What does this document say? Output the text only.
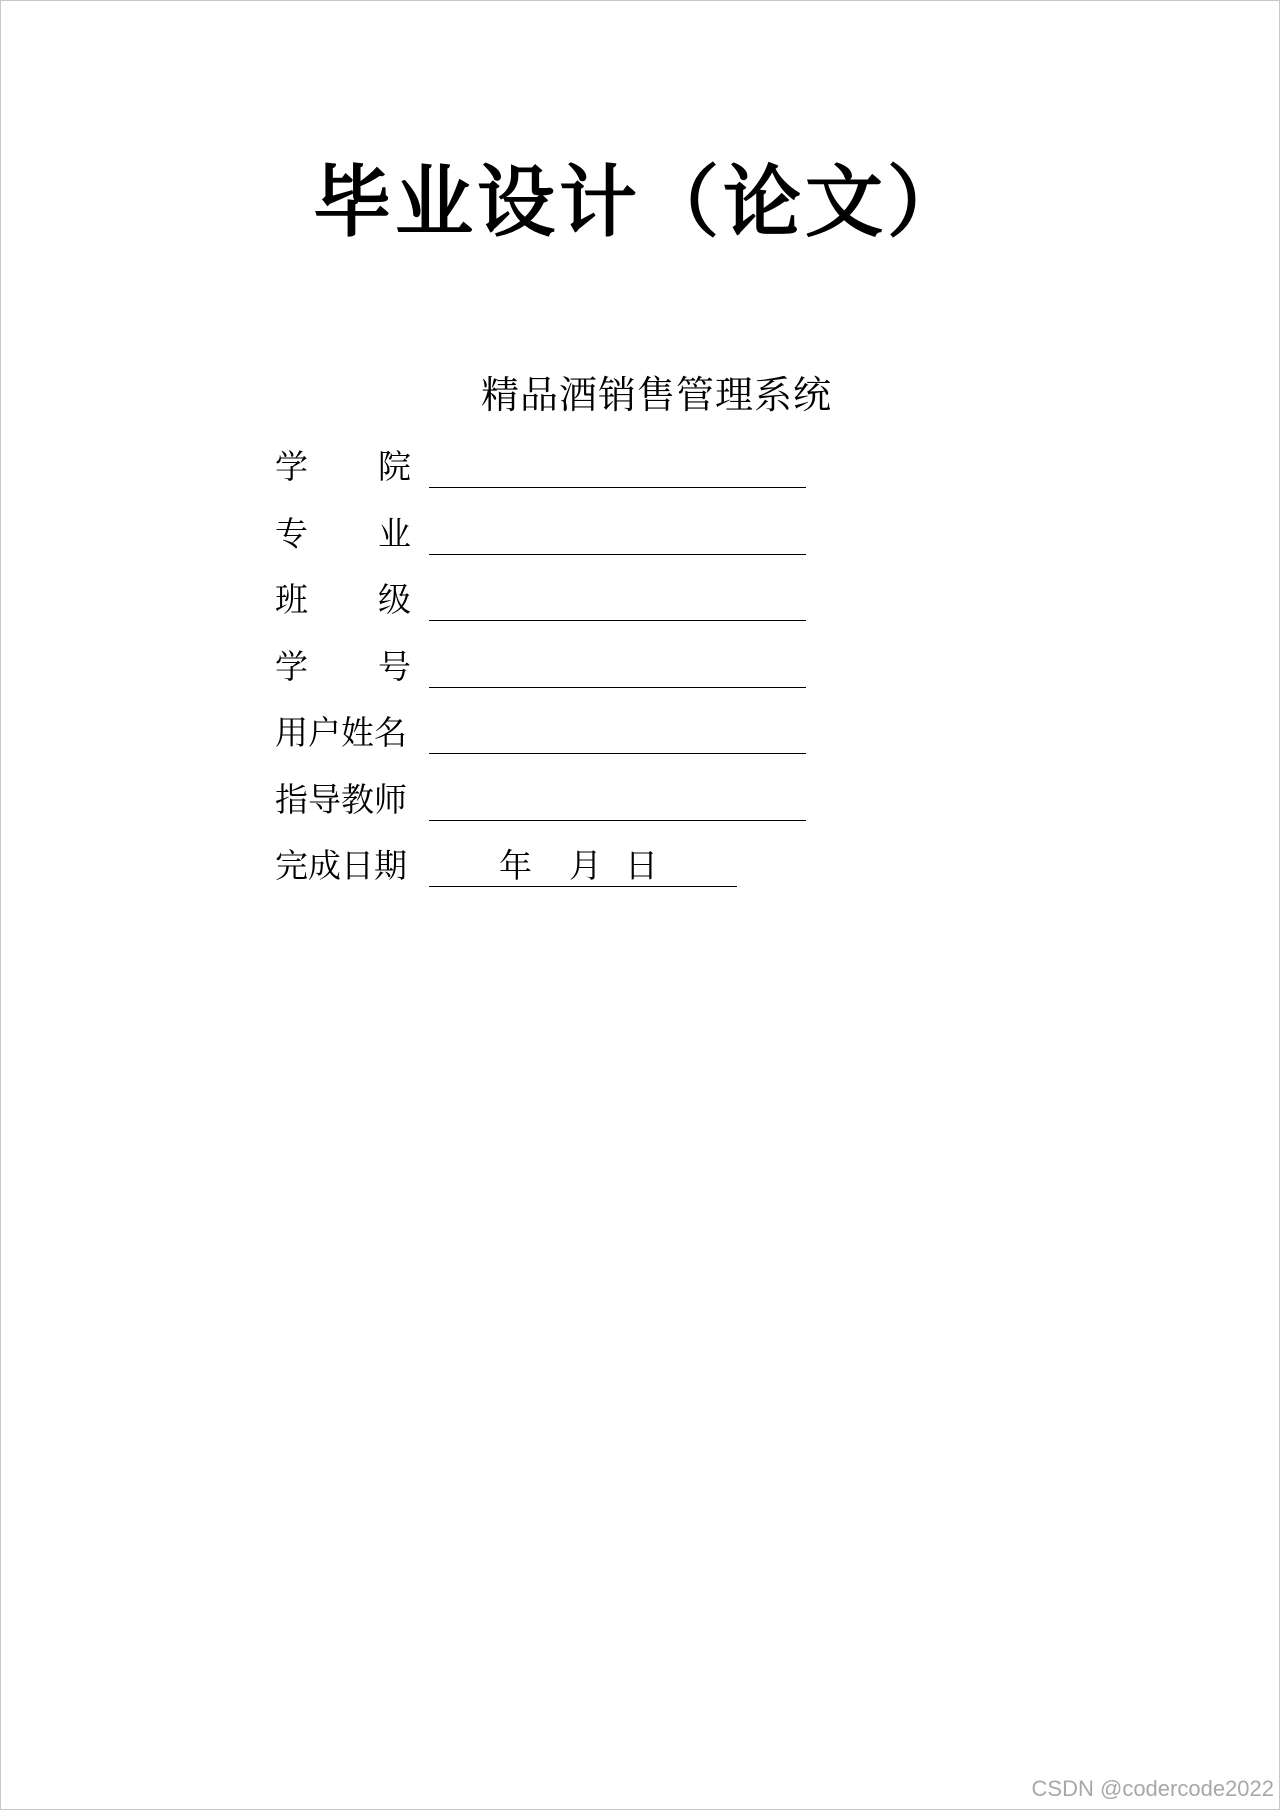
毕业设计（论文）
精品酒销售管理系统
学 院
专 业
班 级
学 号
用户姓名
指导教师
完成日期	年 月 日
CSDN @codercode2022
